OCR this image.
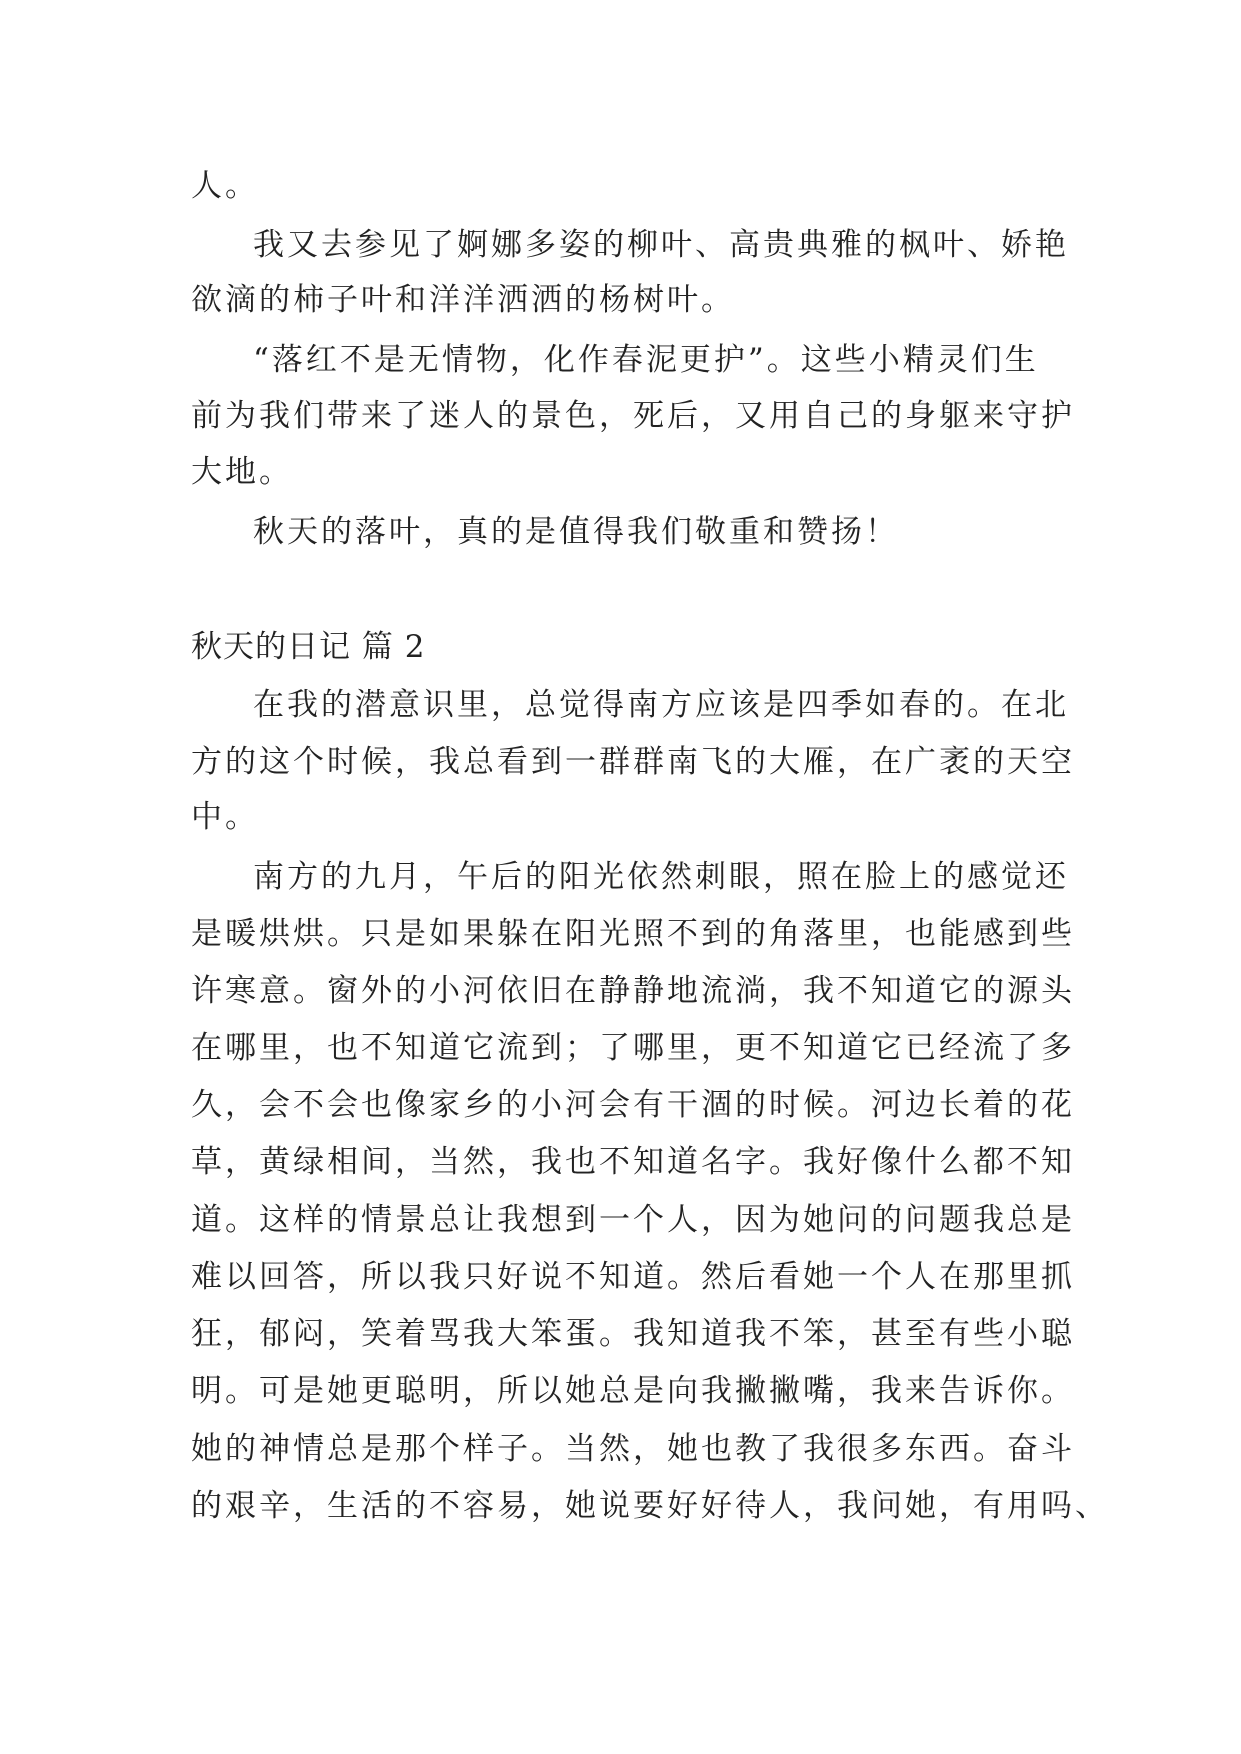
人。
我又去参见了婀娜多姿的柳叶、高贵典雅的枫叶、娇艳
欲滴的柿子叶和洋洋洒洒的杨树叶。
“落红不是无情物，化作春泥更护”。这些小精灵们生
前为我们带来了迷人的景色，死后，又用自己的身躯来守护
大地。
秋天的落叶，真的是值得我们敬重和赞扬！
秋天的日记 篇 2
在我的潜意识里，总觉得南方应该是四季如春的。在北
方的这个时候，我总看到一群群南飞的大雁，在广袤的天空
中。
南方的九月，午后的阳光依然刺眼，照在脸上的感觉还
是暖烘烘。只是如果躲在阳光照不到的角落里，也能感到些
许寒意。窗外的小河依旧在静静地流淌，我不知道它的源头
在哪里，也不知道它流到；了哪里，更不知道它已经流了多
久，会不会也像家乡的小河会有干涸的时候。河边长着的花
草，黄绿相间，当然，我也不知道名字。我好像什么都不知
道。这样的情景总让我想到一个人，因为她问的问题我总是
难以回答，所以我只好说不知道。然后看她一个人在那里抓
狂，郁闷，笑着骂我大笨蛋。我知道我不笨，甚至有些小聪
明。可是她更聪明，所以她总是向我撇撇嘴，我来告诉你。
她的神情总是那个样子。当然，她也教了我很多东西。奋斗
的艰辛，生活的不容易，她说要好好待人，我问她，有用吗、
